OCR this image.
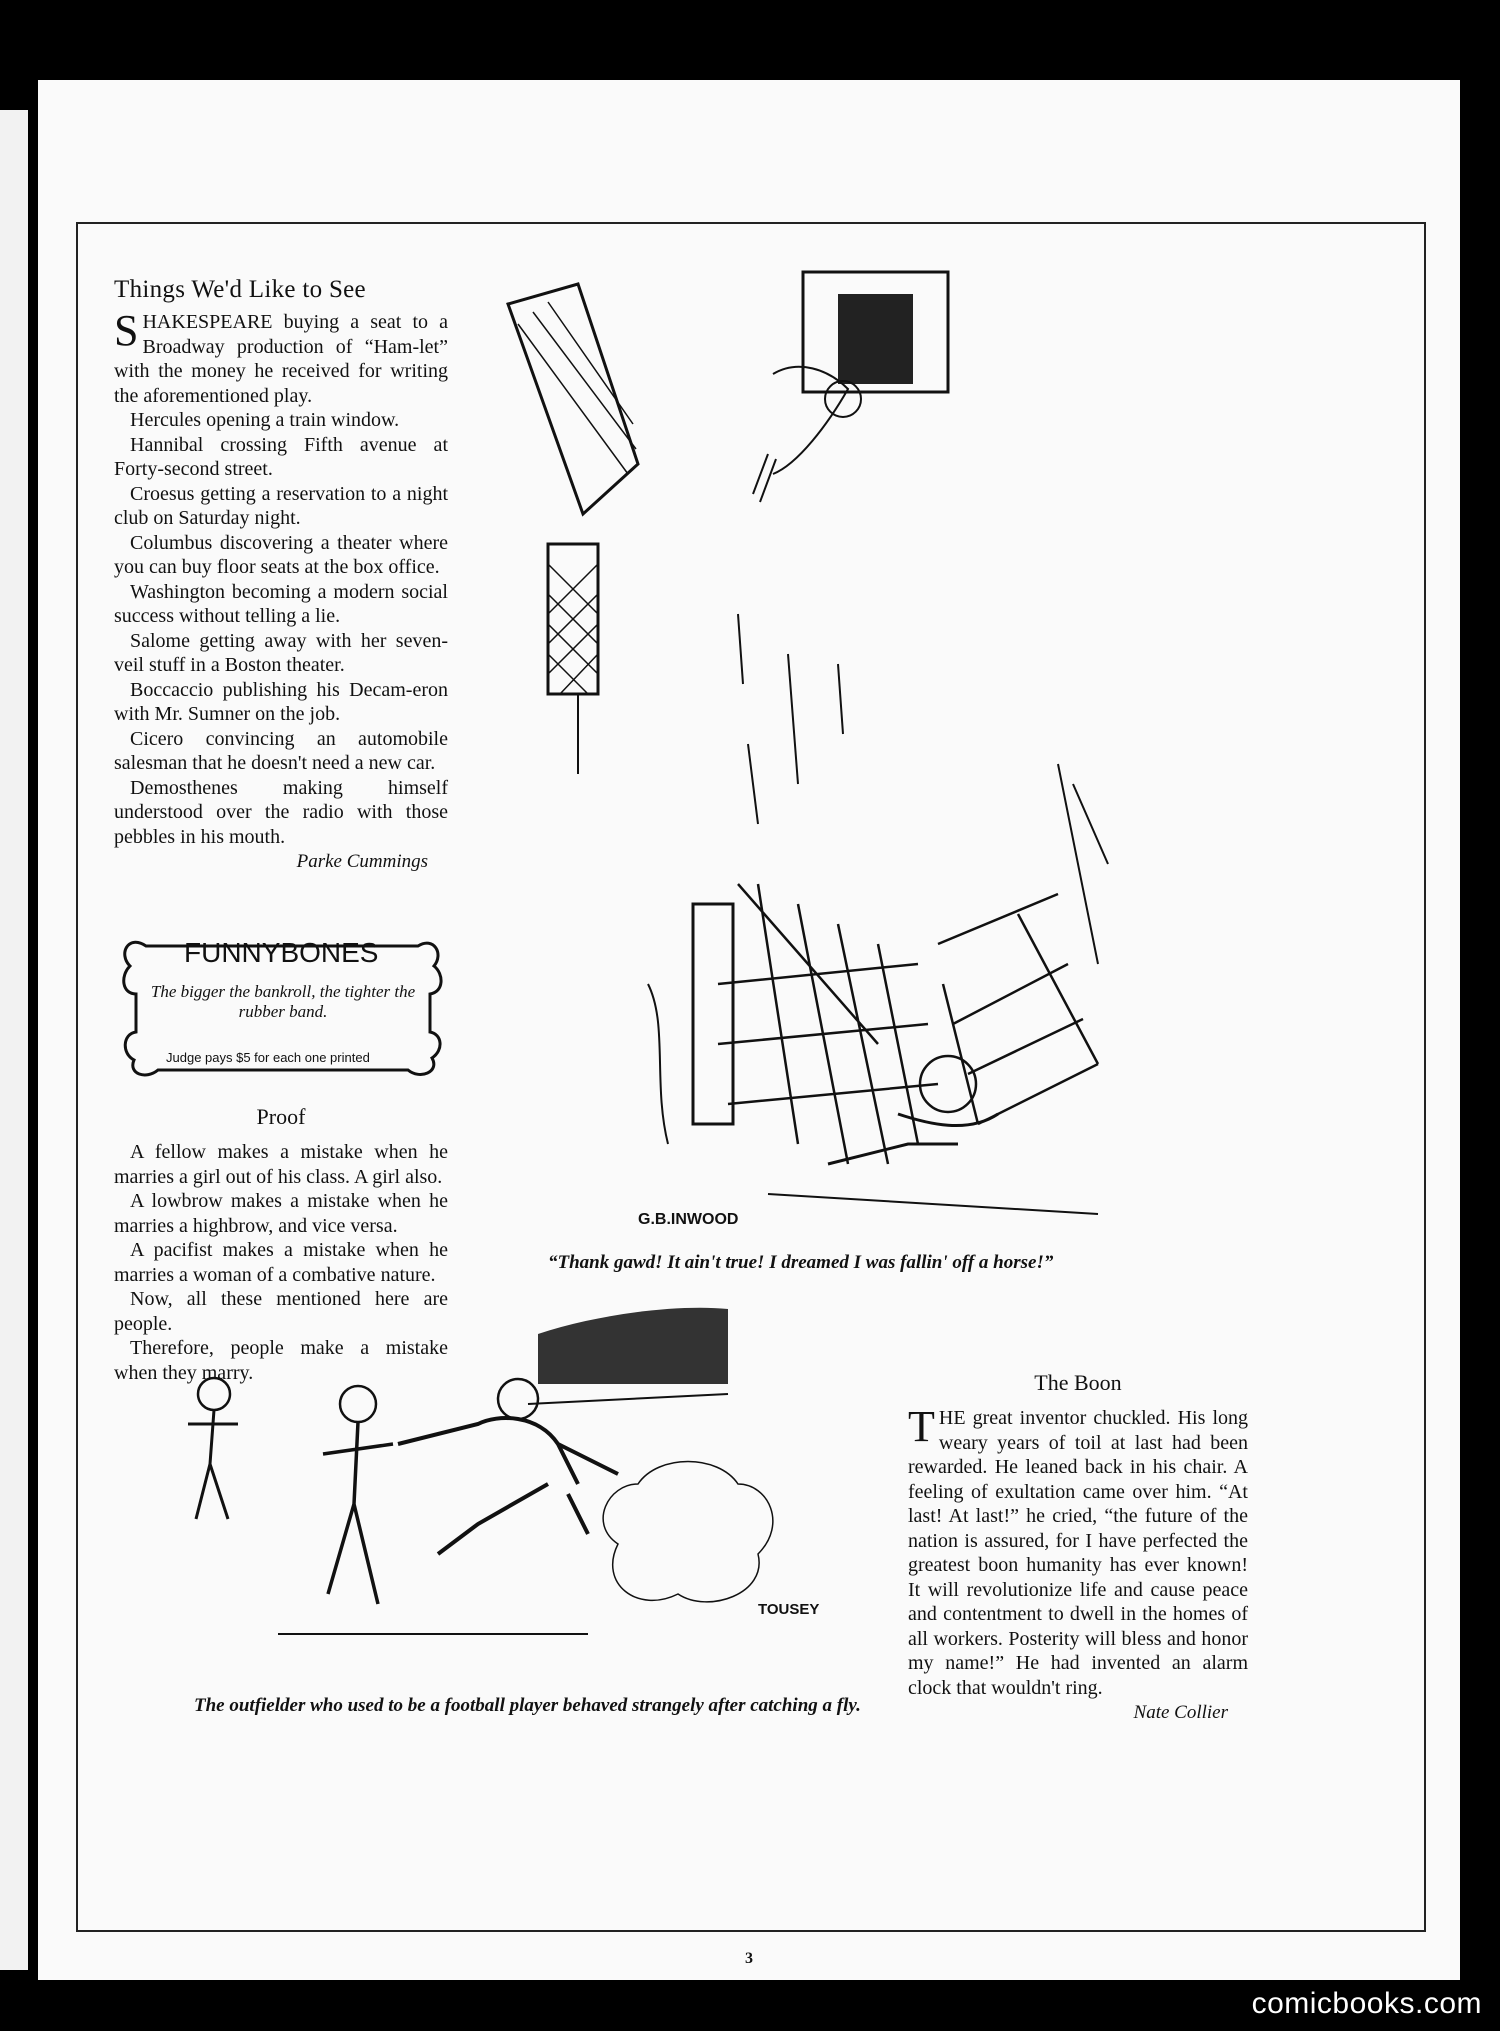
Things We'd Like to See

SHAKESPEARE buying a seat to a Broadway production of “Ham-let” with the money he received for writing the aforementioned play.

Hercules opening a train window.

Hannibal crossing Fifth avenue at Forty-second street.

Croesus getting a reservation to a night club on Saturday night.

Columbus discovering a theater where you can buy floor seats at the box office.

Washington becoming a modern social success without telling a lie.

Salome getting away with her seven-veil stuff in a Boston theater.

Boccaccio publishing his Decam-eron with Mr. Sumner on the job.

Cicero convincing an automobile salesman that he doesn't need a new car.

Demosthenes making himself understood over the radio with those pebbles in his mouth.

Parke Cummings
FUNNYBONES
Judge pays $5 for each one printed
The bigger the bankroll, the tighter the rubber band.
Proof

A fellow makes a mistake when he marries a girl out of his class. A girl also.

A lowbrow makes a mistake when he marries a highbrow, and vice versa.

A pacifist makes a mistake when he marries a woman of a combative nature.

Now, all these mentioned here are people.

Therefore, people make a mistake when they marry.

G.B.INWOOD
“Thank gawd! It ain't true! I dreamed I was fallin' off a horse!”
TOUSEY
The outfielder who used to be a football player behaved strangely after catching a fly.
The Boon

THE great inventor chuckled. His long weary years of toil at last had been rewarded. He leaned back in his chair. A feeling of exultation came over him. “At last! At last!” he cried, “the future of the nation is assured, for I have perfected the greatest boon humanity has ever known! It will revolutionize life and cause peace and contentment to dwell in the homes of all workers. Posterity will bless and honor my name!” He had invented an alarm clock that wouldn't ring.

Nate Collier
3
comicbooks.com
